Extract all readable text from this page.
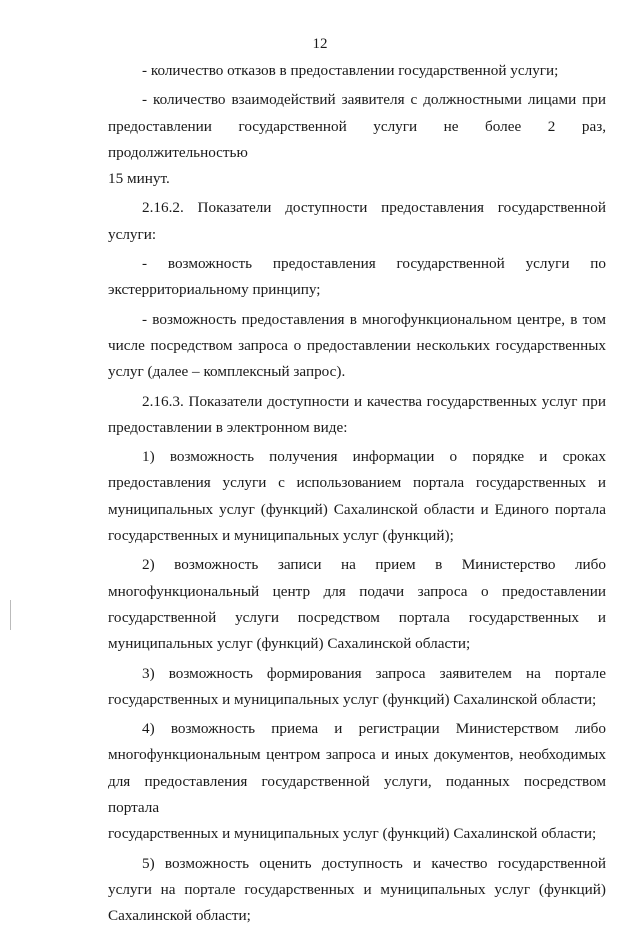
12
- количество отказов в предоставлении государственной услуги;
- количество взаимодействий заявителя с должностными лицами при
предоставлении государственной услуги не более 2 раз, продолжительностью
15 минут.
2.16.2. Показатели доступности предоставления государственной
услуги:
- возможность предоставления государственной услуги по
экстерриториальному принципу;
- возможность предоставления в многофункциональном центре, в том
числе посредством запроса о предоставлении нескольких государственных
услуг (далее – комплексный запрос).
2.16.3. Показатели доступности и качества государственных услуг при
предоставлении в электронном виде:
1) возможность получения информации о порядке и сроках
предоставления услуги с использованием портала государственных и
муниципальных услуг (функций) Сахалинской области и Единого портала
государственных и муниципальных услуг (функций);
2) возможность записи на прием в Министерство либо
многофункциональный центр для подачи запроса о предоставлении
государственной услуги посредством портала государственных и
муниципальных услуг (функций) Сахалинской области;
3) возможность формирования запроса заявителем на портале
государственных и муниципальных услуг (функций) Сахалинской области;
4) возможность приема и регистрации Министерством либо
многофункциональным центром запроса и иных документов, необходимых
для предоставления государственной услуги, поданных посредством портала
государственных и муниципальных услуг (функций) Сахалинской области;
5) возможность оценить доступность и качество государственной
услуги на портале государственных и муниципальных услуг (функций)
Сахалинской области;
